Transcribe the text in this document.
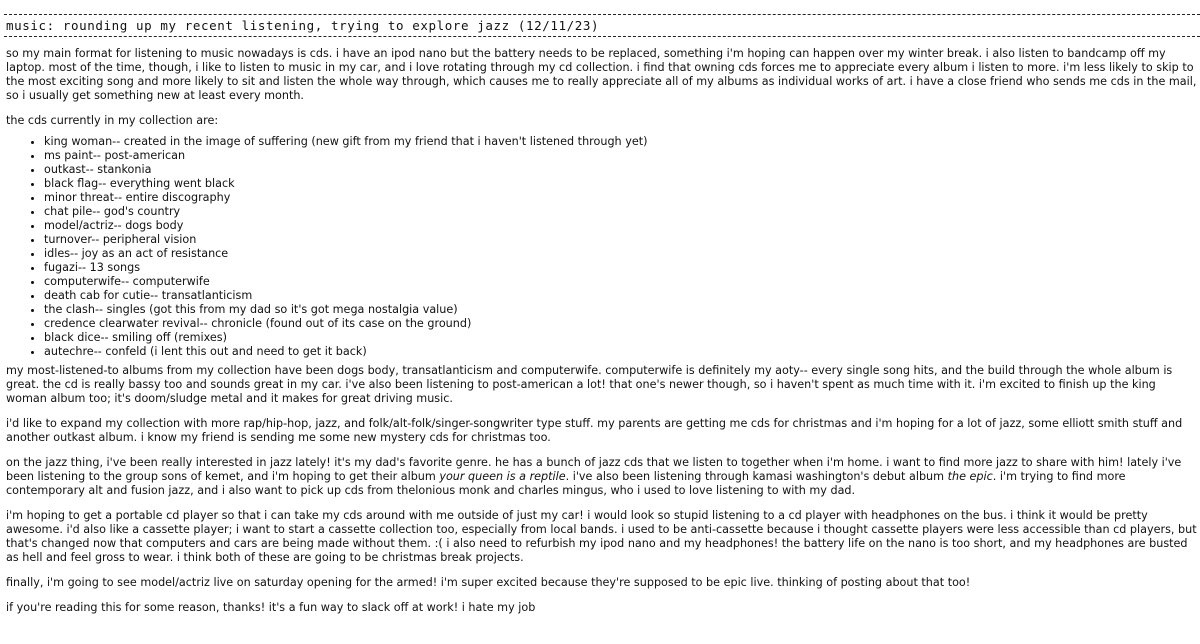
music: rounding up my recent listening, trying to explore jazz (12/11/23)

so my main format for listening to music nowadays is cds. i have an ipod nano but the battery needs to be replaced, something i'm hoping can happen over my winter break. i also listen to bandcamp off my laptop. most of the time, though, i like to listen to music in my car, and i love rotating through my cd collection. i find that owning cds forces me to appreciate every album i listen to more. i'm less likely to skip to the most exciting song and more likely to sit and listen the whole way through, which causes me to really appreciate all of my albums as individual works of art. i have a close friend who sends me cds in the mail, so i usually get something new at least every month.

the cds currently in my collection are:

• king woman-- created in the image of suffering (new gift from my friend that i haven't listened through yet)
• ms paint-- post-american
• outkast-- stankonia
• black flag-- everything went black
• minor threat-- entire discography
• chat pile-- god's country
• model/actriz-- dogs body
• turnover-- peripheral vision
• idles-- joy as an act of resistance
• fugazi-- 13 songs
• computerwife-- computerwife
• death cab for cutie-- transatlanticism
• the clash-- singles (got this from my dad so it's got mega nostalgia value)
• credence clearwater revival-- chronicle (found out of its case on the ground)
• black dice-- smiling off (remixes)
• autechre-- confeld (i lent this out and need to get it back)

my most-listened-to albums from my collection have been dogs body, transatlanticism and computerwife. computerwife is definitely my aoty-- every single song hits, and the build through the whole album is great. the cd is really bassy too and sounds great in my car. i've also been listening to post-american a lot! that one's newer though, so i haven't spent as much time with it. i'm excited to finish up the king woman album too; it's doom/sludge metal and it makes for great driving music.

i'd like to expand my collection with more rap/hip-hop, jazz, and folk/alt-folk/singer-songwriter type stuff. my parents are getting me cds for christmas and i'm hoping for a lot of jazz, some elliott smith stuff and another outkast album. i know my friend is sending me some new mystery cds for christmas too.

on the jazz thing, i've been really interested in jazz lately! it's my dad's favorite genre. he has a bunch of jazz cds that we listen to together when i'm home. i want to find more jazz to share with him! lately i've been listening to the group sons of kemet, and i'm hoping to get their album your queen is a reptile. i've also been listening through kamasi washington's debut album the epic. i'm trying to find more contemporary alt and fusion jazz, and i also want to pick up cds from thelonious monk and charles mingus, who i used to love listening to with my dad.

i'm hoping to get a portable cd player so that i can take my cds around with me outside of just my car! i would look so stupid listening to a cd player with headphones on the bus. i think it would be pretty awesome. i'd also like a cassette player; i want to start a cassette collection too, especially from local bands. i used to be anti-cassette because i thought cassette players were less accessible than cd players, but that's changed now that computers and cars are being made without them. :( i also need to refurbish my ipod nano and my headphones! the battery life on the nano is too short, and my headphones are busted as hell and feel gross to wear. i think both of these are going to be christmas break projects.

finally, i'm going to see model/actriz live on saturday opening for the armed! i'm super excited because they're supposed to be epic live. thinking of posting about that too!

if you're reading this for some reason, thanks! it's a fun way to slack off at work! i hate my job
